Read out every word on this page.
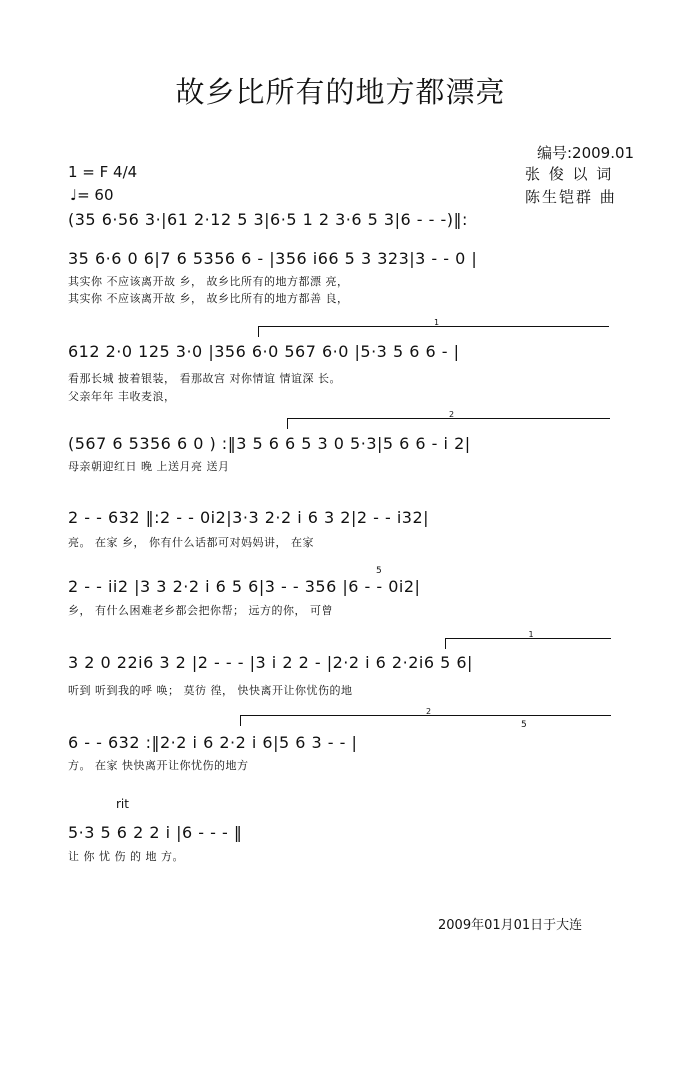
故乡比所有的地方都漂亮
编号:2009.01
1 = F 4/4
♩= 60
张 俊 以 词
陈生铠群 曲
(35 6·56 3·|61 2·12 5 3|6·5 1 2 3·6 5 3|6 - - -)‖:
35 6·6 0 6|7 6 5356 6 - |356 i66 5 3 323|3 - - 0 |
其实你 不应该离开故 乡， 故乡比所有的地方都漂 亮，
其实你 不应该离开故 乡， 故乡比所有的地方都善 良，
1
612 2·0 125 3·0 |356 6·0 567 6·0 |5·3 5 6 6 - |
看那长城 披着银装， 看那故宫 对你情谊 情谊深 长。
父亲年年 丰收麦浪，
2
(567 6 5356 6 0 ) :‖3 5 6 6 5 3 0 5·3|5 6 6 - i 2|
母亲朝迎红日 晚 上送月亮 送月
2 - - 632 ‖:2 - - 0i2|3·3 2·2 i 6 3 2|2 - - i32|
亮。 在家 乡， 你有什么话都可对妈妈讲， 在家
2 - - ii2 |3 3 2·2 i 6 5 6|3 - - 356 |6 - - 0i2|
乡， 有什么困难老乡都会把你帮； 远方的你， 可曾
5
1
3 2 0 22i6 3 2 |2 - - - |3 i 2 2 - |2·2 i 6 2·2i6 5 6|
听到 听到我的呼 唤； 莫彷 徨， 快快离开让你忧伤的地
2
6 - - 632 :‖2·2 i 6 2·2 i 6|5 6 3 - - |
方。 在家 快快离开让你忧伤的地方
5
rit
5·3 5 6 2 2 i |6 - - - ‖
让 你 忧 伤 的 地 方。
2009年01月01日于大连
